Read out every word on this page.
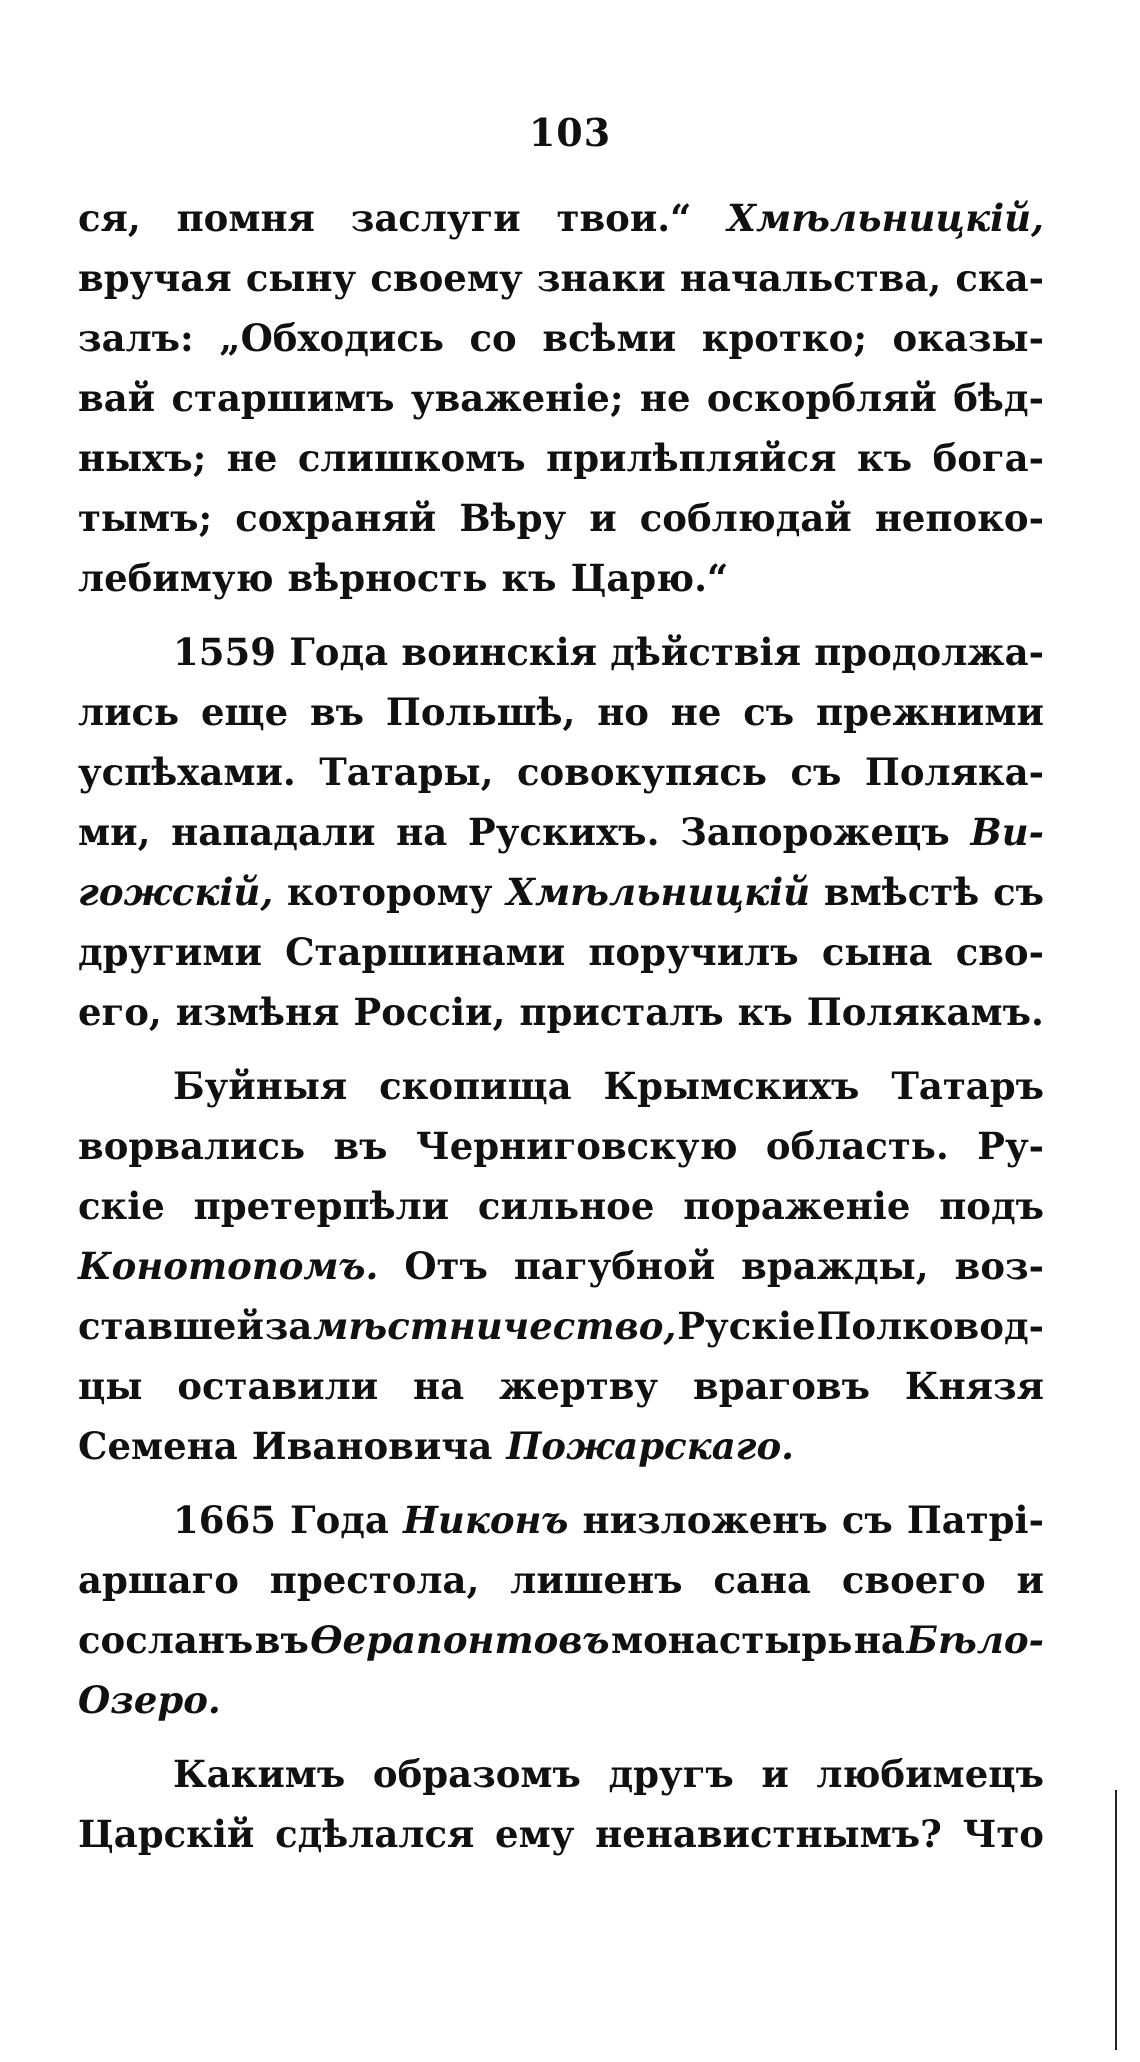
103
ся, помня заслуги твои.“ Хмѣльницкій,
вручая сыну своему знаки начальства, ска-
залъ: „Обходись со всѣми кротко; оказы-
вай старшимъ уваженіе; не оскорбляй бѣд-
ныхъ; не слишкомъ прилѣпляйся къ бога-
тымъ; сохраняй Вѣру и соблюдай непоко-
лебимую вѣрность къ Царю.“
1559 Года воинскія дѣйствія продолжа-
лись еще въ Польшѣ, но не съ прежними
успѣхами. Татары, совокупясь съ Поляка-
ми, нападали на Рускихъ. Запорожецъ Ви-
гожскій, которому Хмѣльницкій вмѣстѣ съ
другими Старшинами поручилъ сына сво-
его, измѣня Россіи, присталъ къ Полякамъ.
Буйныя скопища Крымскихъ Татаръ
ворвались въ Черниговскую область. Ру-
скіе претерпѣли сильное пораженіе подъ
Конотопомъ. Отъ пагубной вражды, воз-
ставшей за мѣстничество, Рускіе Полковод-
цы оставили на жертву враговъ Князя
Семена Ивановича Пожарскаго.
1665 Года Никонъ низложенъ съ Патрі-
аршаго престола, лишенъ сана своего и
сосланъ въ Ѳерапонтовъ монастырь на Бѣло-
Озеро.
Какимъ образомъ другъ и любимецъ
Царскій сдѣлался ему ненавистнымъ? Что
